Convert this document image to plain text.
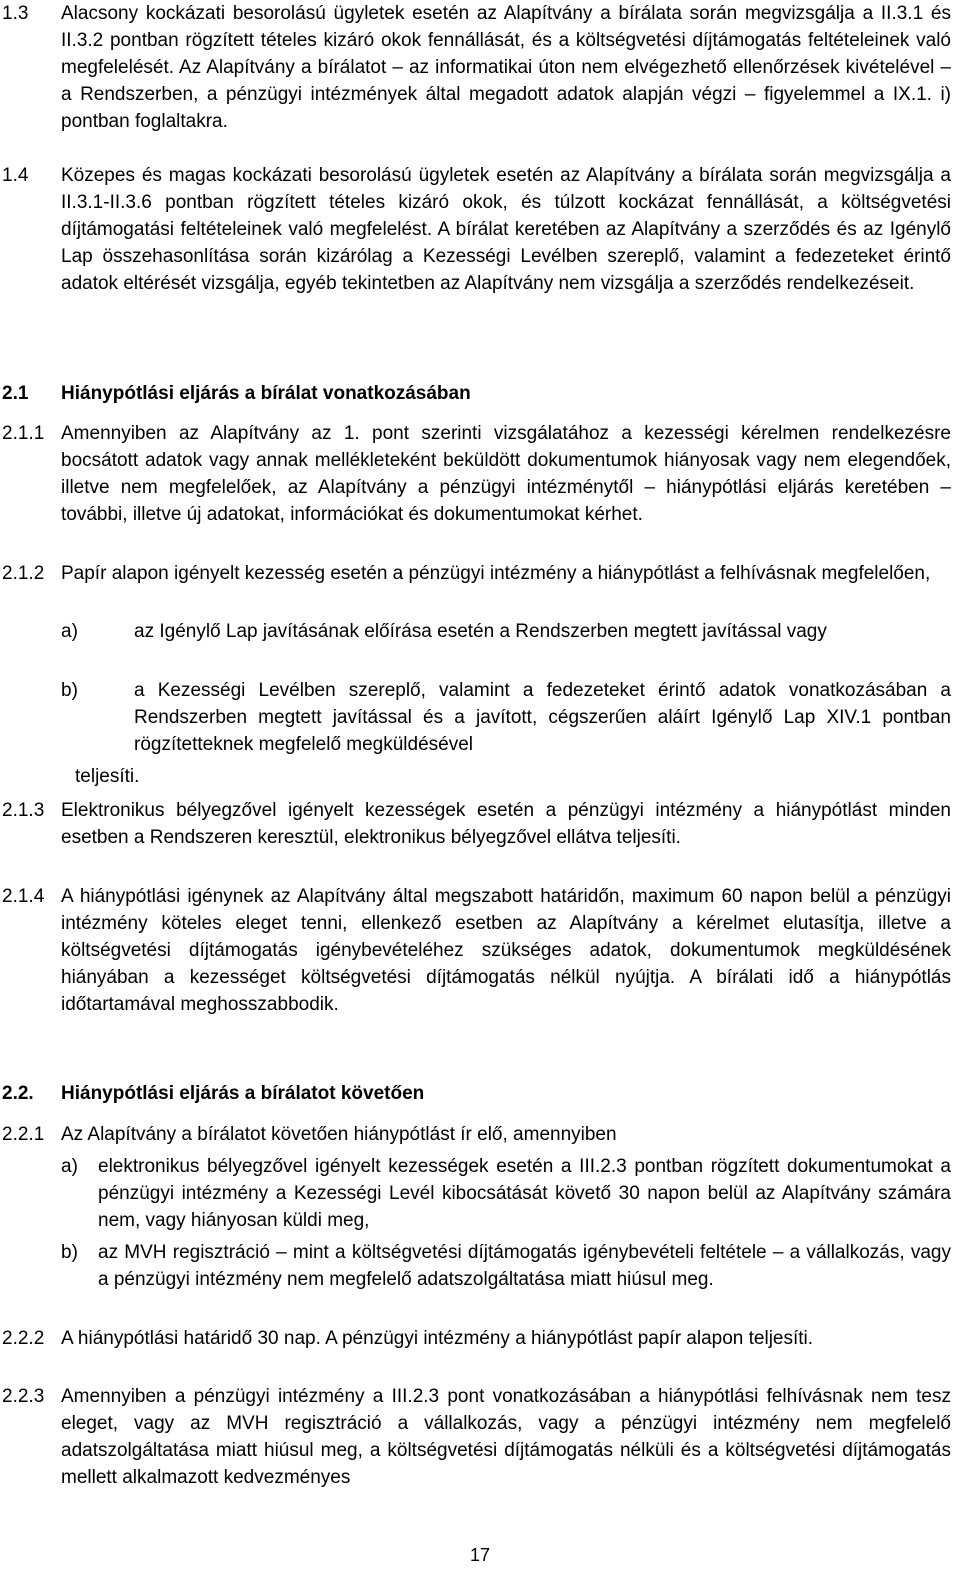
1.3 Alacsony kockázati besorolású ügyletek esetén az Alapítvány a bírálata során megvizsgálja a II.3.1 és II.3.2 pontban rögzített tételes kizáró okok fennállását, és a költségvetési díjtámogatás feltételeinek való megfelelését. Az Alapítvány a bírálatot – az informatikai úton nem elvégezhető ellenőrzések kivételével – a Rendszerben, a pénzügyi intézmények által megadott adatok alapján végzi – figyelemmel a IX.1. i) pontban foglaltakra.
1.4 Közepes és magas kockázati besorolású ügyletek esetén az Alapítvány a bírálata során megvizsgálja a II.3.1-II.3.6 pontban rögzített tételes kizáró okok, és túlzott kockázat fennállását, a költségvetési díjtámogatási feltételeinek való megfelelést. A bírálat keretében az Alapítvány a szerződés és az Igénylő Lap összehasonlítása során kizárólag a Kezességi Levélben szereplő, valamint a fedezeteket érintő adatok eltérését vizsgálja, egyéb tekintetben az Alapítvány nem vizsgálja a szerződés rendelkezéseit.
2.1 Hiánypótlási eljárás a bírálat vonatkozásában
2.1.1 Amennyiben az Alapítvány az 1. pont szerinti vizsgálatához a kezességi kérelmen rendelkezésre bocsátott adatok vagy annak mellékleteként beküldött dokumentumok hiányosak vagy nem elegendőek, illetve nem megfelelőek, az Alapítvány a pénzügyi intézménytől – hiánypótlási eljárás keretében – további, illetve új adatokat, információkat és dokumentumokat kérhet.
2.1.2 Papír alapon igényelt kezesség esetén a pénzügyi intézmény a hiánypótlást a felhívásnak megfelelően,
a)	az Igénylő Lap javításának előírása esetén a Rendszerben megtett javítással vagy
b)	a Kezességi Levélben szereplő, valamint a fedezeteket érintő adatok vonatkozásában a Rendszerben megtett javítással és a javított, cégszerűen aláírt Igénylő Lap XIV.1 pontban rögzítetteknek megfelelő megküldésével
teljesíti.
2.1.3 Elektronikus bélyegzővel igényelt kezességek esetén a pénzügyi intézmény a hiánypótlást minden esetben a Rendszeren keresztül, elektronikus bélyegzővel ellátva teljesíti.
2.1.4 A hiánypótlási igénynek az Alapítvány által megszabott határidőn, maximum 60 napon belül a pénzügyi intézmény köteles eleget tenni, ellenkező esetben az Alapítvány a kérelmet elutasítja, illetve a költségvetési díjtámogatás igénybevételéhez szükséges adatok, dokumentumok megküldésének hiányában a kezességet költségvetési díjtámogatás nélkül nyújtja. A bírálati idő a hiánypótlás időtartamával meghosszabbodik.
2.2. Hiánypótlási eljárás a bírálatot követően
2.2.1 Az Alapítvány a bírálatot követően hiánypótlást ír elő, amennyiben
a) elektronikus bélyegzővel igényelt kezességek esetén a III.2.3 pontban rögzített dokumentumokat a pénzügyi intézmény a Kezességi Levél kibocsátását követő 30 napon belül az Alapítvány számára nem, vagy hiányosan küldi meg,
b) az MVH regisztráció – mint a költségvetési díjtámogatás igénybevételi feltétele – a vállalkozás, vagy a pénzügyi intézmény nem megfelelő adatszolgáltatása miatt hiúsul meg.
2.2.2 A hiánypótlási határidő 30 nap. A pénzügyi intézmény a hiánypótlást papír alapon teljesíti.
2.2.3 Amennyiben a pénzügyi intézmény a III.2.3 pont vonatkozásában a hiánypótlási felhívásnak nem tesz eleget, vagy az MVH regisztráció a vállalkozás, vagy a pénzügyi intézmény nem megfelelő adatszolgáltatása miatt hiúsul meg, a költségvetési díjtámogatás nélküli és a költségvetési díjtámogatás mellett alkalmazott kedvezményes
17
